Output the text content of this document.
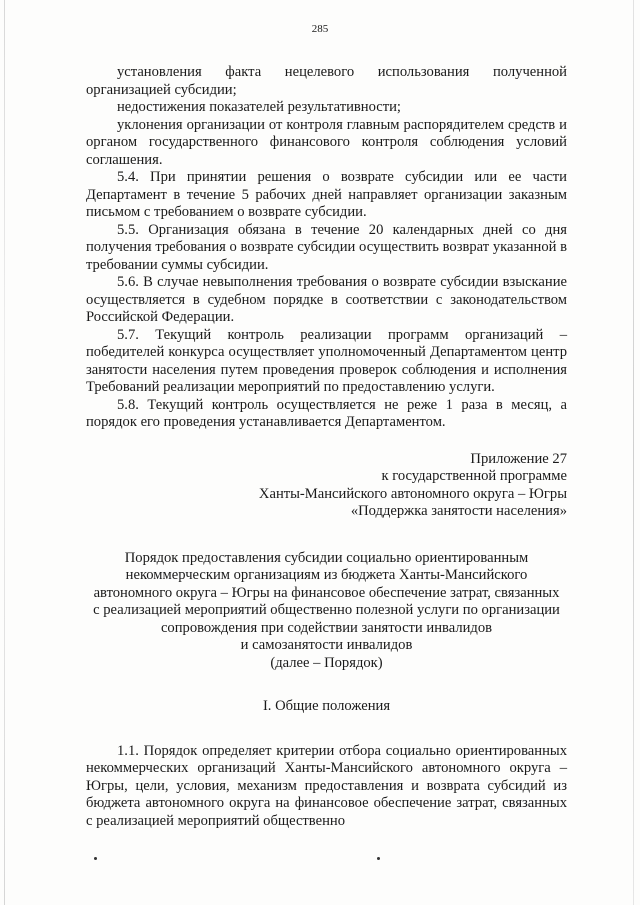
285

установления факта нецелевого использования полученной организацией субсидии;

недостижения показателей результативности;

уклонения организации от контроля главным распорядителем средств и органом государственного финансового контроля соблюдения условий соглашения.

5.4. При принятии решения о возврате субсидии или ее части Департамент в течение 5 рабочих дней направляет организации заказным письмом с требованием о возврате субсидии.

5.5. Организация обязана в течение 20 календарных дней со дня получения требования о возврате субсидии осуществить возврат указанной в требовании суммы субсидии.

5.6. В случае невыполнения требования о возврате субсидии взыскание осуществляется в судебном порядке в соответствии с законодательством Российской Федерации.

5.7. Текущий контроль реализации программ организаций – победителей конкурса осуществляет уполномоченный Департаментом центр занятости населения путем проведения проверок соблюдения и исполнения Требований реализации мероприятий по предоставлению услуги.

5.8. Текущий контроль осуществляется не реже 1 раза в месяц, а порядок его проведения устанавливается Департаментом.

Приложение 27
к государственной программе
Ханты-Мансийского автономного округа – Югры
«Поддержка занятости населения»
Порядок предоставления субсидии социально ориентированным
некоммерческим организациям из бюджета Ханты-Мансийского
автономного округа – Югры на финансовое обеспечение затрат, связанных
с реализацией мероприятий общественно полезной услуги по организации
сопровождения при содействии занятости инвалидов
и самозанятости инвалидов
(далее – Порядок)
I. Общие положения

1.1. Порядок определяет критерии отбора социально ориентированных некоммерческих организаций Ханты-Мансийского автономного округа – Югры, цели, условия, механизм предоставления и возврата субсидий из бюджета автономного округа на финансовое обеспечение затрат, связанных с реализацией мероприятий общественно
